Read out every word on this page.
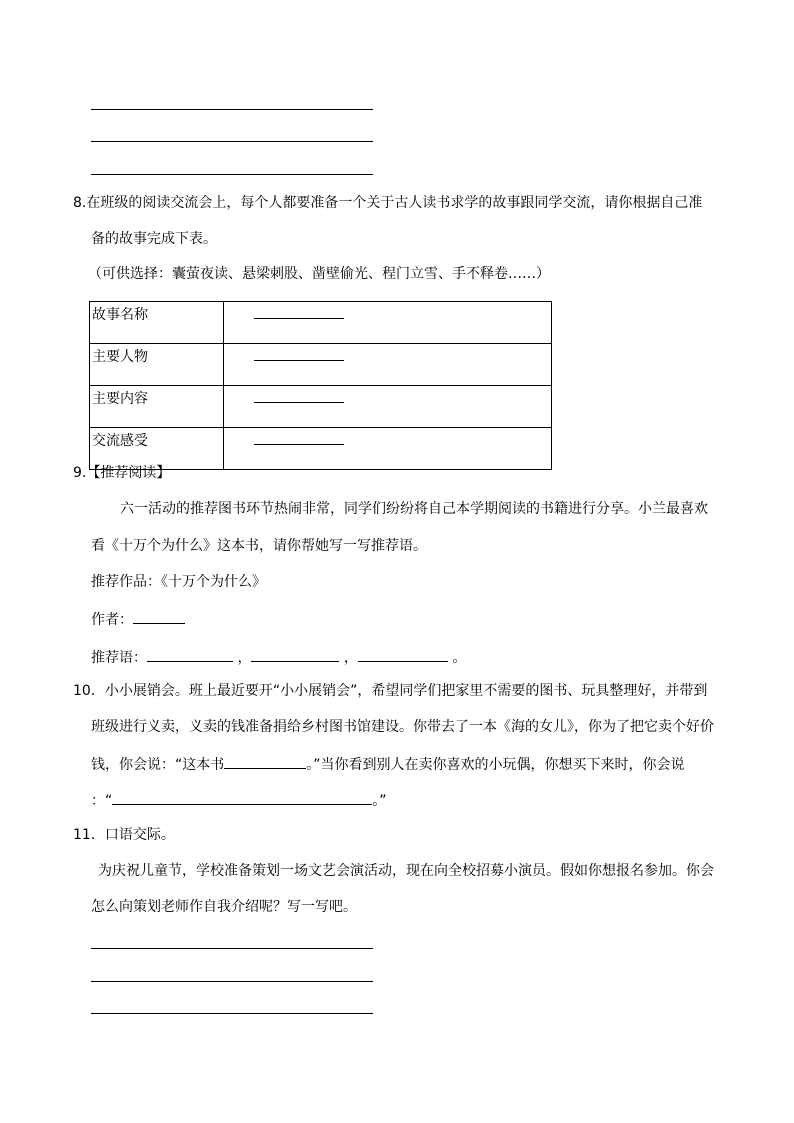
8.在班级的阅读交流会上，每个人都要准备一个关于古人读书求学的故事跟同学交流，请你根据自己准
备的故事完成下表。
（可供选择：囊萤夜读、悬梁刺股、凿壁偷光、程门立雪、手不释卷……）
故事名称	

主要人物	

主要内容	

交流感受	
9.【推荐阅读】
六一活动的推荐图书环节热闹非常，同学们纷纷将自己本学期阅读的书籍进行分享。小兰最喜欢
看《十万个为什么》这本书，请你帮她写一写推荐语。
推荐作品：《十万个为什么》
作者：
推荐语：	，	，	。
10．小小展销会。班上最近要开“小小展销会”，希望同学们把家里不需要的图书、玩具整理好，并带到
班级进行义卖，义卖的钱准备捐给乡村图书馆建设。你带去了一本《海的女儿》，你为了把它卖个好价
钱，你会说：“这本书	。”当你看到别人在卖你喜欢的小玩偶，你想买下来时，你会说
：“	。”
11．口语交际。
为庆祝儿童节，学校准备策划一场文艺会演活动，现在向全校招募小演员。假如你想报名参加。你会
怎么向策划老师作自我介绍呢？写一写吧。
